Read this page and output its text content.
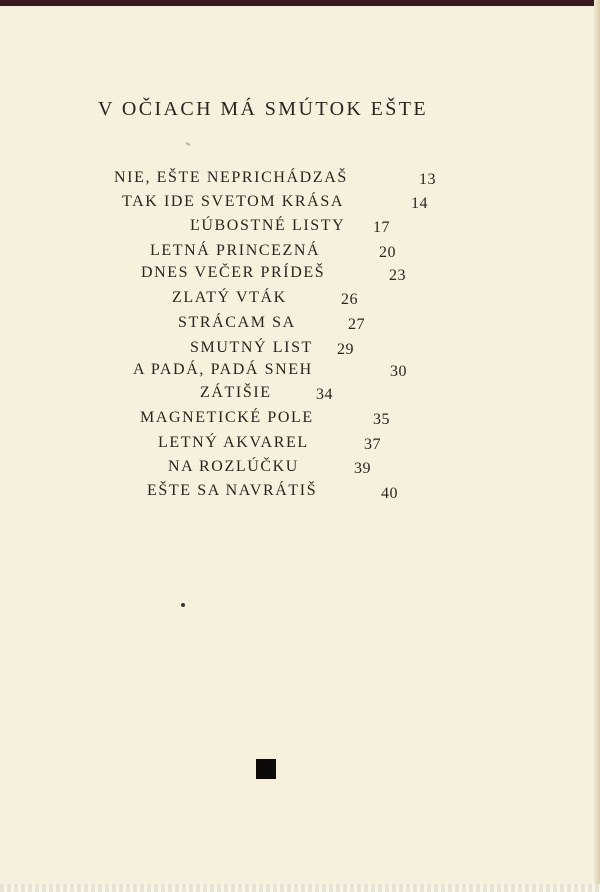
V OČIACH MÁ SMÚTOK EŠTE
NIE, EŠTE NEPRICHÁDZAŠ	13
TAK IDE SVETOM KRÁSA	14
ĽÚBOSTNÉ LISTY 17
LETNÁ PRINCEZNÁ	20
DNES VEČER PRÍDEŠ	23
ZLATÝ VTÁK	26
STRÁCAM SA	27
SMUTNÝ LIST 29
A PADÁ, PADÁ SNEH	30
ZÁTIŠIE	34
MAGNETICKÉ POLE	35
LETNÝ AKVAREL	37
NA ROZLÚČKU	39
EŠTE SA NAVRÁTIŠ	40
